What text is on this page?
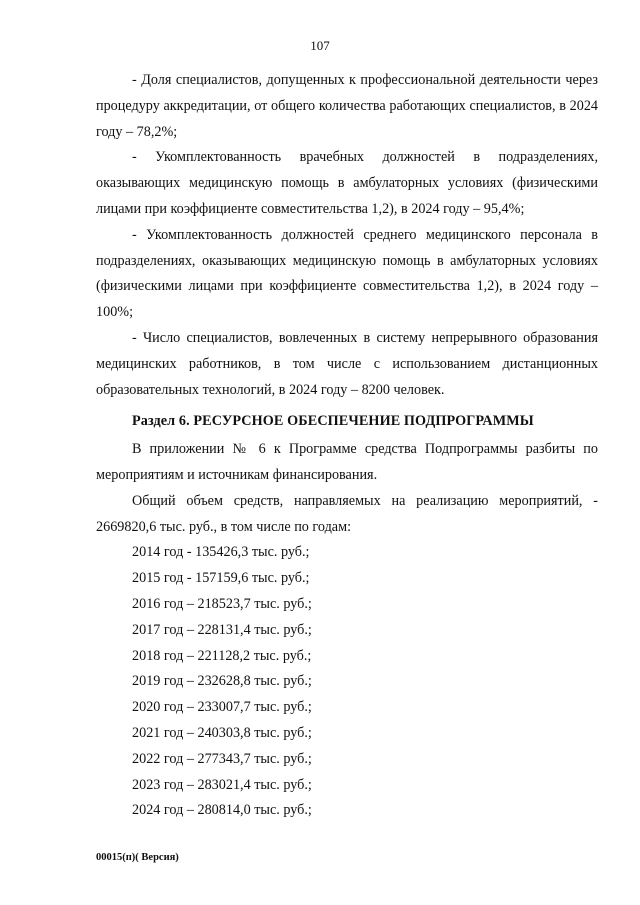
107

- Доля специалистов, допущенных к профессиональной деятельности через процедуру аккредитации, от общего количества работающих специалистов, в 2024 году – 78,2%;

- Укомплектованность врачебных должностей в подразделениях, оказывающих медицинскую помощь в амбулаторных условиях (физическими лицами при коэффициенте совместительства 1,2), в 2024 году – 95,4%;

- Укомплектованность должностей среднего медицинского персонала в подразделениях, оказывающих медицинскую помощь в амбулаторных условиях (физическими лицами при коэффициенте совместительства 1,2), в 2024 году – 100%;

- Число специалистов, вовлеченных в систему непрерывного образования медицинских работников, в том числе с использованием дистанционных образовательных технологий, в 2024 году – 8200 человек.

Раздел 6. РЕСУРСНОЕ ОБЕСПЕЧЕНИЕ ПОДПРОГРАММЫ

В приложении № 6 к Программе средства Подпрограммы разбиты по мероприятиям и источникам финансирования.

Общий объем средств, направляемых на реализацию мероприятий, - 2669820,6 тыс. руб., в том числе по годам:

2014 год - 135426,3 тыс. руб.;
2015 год - 157159,6 тыс. руб.;
2016 год – 218523,7 тыс. руб.;
2017 год – 228131,4 тыс. руб.;
2018 год – 221128,2 тыс. руб.;
2019 год – 232628,8 тыс. руб.;
2020 год – 233007,7 тыс. руб.;
2021 год – 240303,8 тыс. руб.;
2022 год – 277343,7 тыс. руб.;
2023 год – 283021,4 тыс. руб.;
2024 год – 280814,0 тыс. руб.;
00015(п)( Версия)
